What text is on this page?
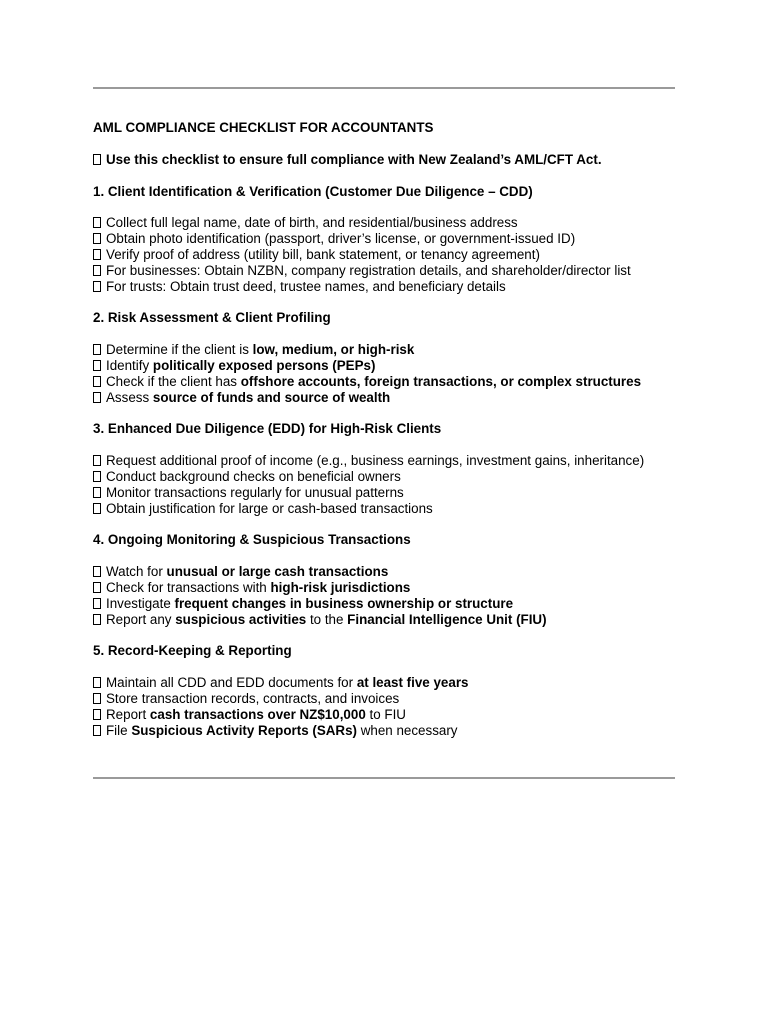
AML COMPLIANCE CHECKLIST FOR ACCOUNTANTS

Use this checklist to ensure full compliance with New Zealand’s AML/CFT Act.

1. Client Identification & Verification (Customer Due Diligence – CDD)

Collect full legal name, date of birth, and residential/business address
Obtain photo identification (passport, driver’s license, or government-issued ID)
Verify proof of address (utility bill, bank statement, or tenancy agreement)
For businesses: Obtain NZBN, company registration details, and shareholder/director list
For trusts: Obtain trust deed, trustee names, and beneficiary details

2. Risk Assessment & Client Profiling

Determine if the client is low, medium, or high-risk
Identify politically exposed persons (PEPs)
Check if the client has offshore accounts, foreign transactions, or complex structures
Assess source of funds and source of wealth

3. Enhanced Due Diligence (EDD) for High-Risk Clients

Request additional proof of income (e.g., business earnings, investment gains, inheritance)
Conduct background checks on beneficial owners
Monitor transactions regularly for unusual patterns
Obtain justification for large or cash-based transactions

4. Ongoing Monitoring & Suspicious Transactions

Watch for unusual or large cash transactions
Check for transactions with high-risk jurisdictions
Investigate frequent changes in business ownership or structure
Report any suspicious activities to the Financial Intelligence Unit (FIU)

5. Record-Keeping & Reporting

Maintain all CDD and EDD documents for at least five years
Store transaction records, contracts, and invoices
Report cash transactions over NZ$10,000 to FIU
File Suspicious Activity Reports (SARs) when necessary
